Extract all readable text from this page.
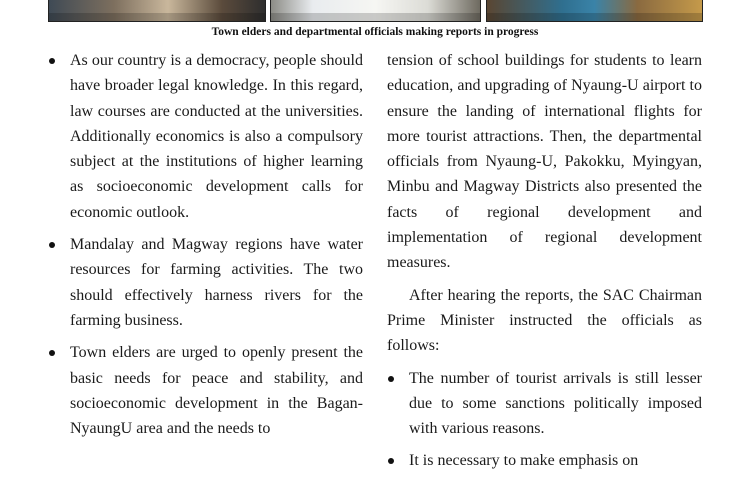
Town elders and departmental officials making reports in progress
As our country is a democracy, people should have broader legal knowledge. In this regard, law courses are conducted at the universities. Additionally economics is also a compulsory subject at the institutions of higher learning as socioeconomic development calls for economic outlook.
Mandalay and Magway regions have water resources for farming activities. The two should effectively harness rivers for the farming business.
Town elders are urged to openly present the basic needs for peace and stability, and socioeconomic development in the Bagan-NyaungU area and the needs to

tension of school buildings for students to learn education, and upgrading of Nyaung-U airport to ensure the landing of international flights for more tourist attractions. Then, the departmental officials from Nyaung-U, Pakokku, Myingyan, Minbu and Magway Districts also presented the facts of regional development and implementation of regional development measures.

After hearing the reports, the SAC Chairman Prime Minister instructed the officials as follows:

The number of tourist arrivals is still lesser due to some sanctions politically imposed with various reasons.
It is necessary to make emphasis on
